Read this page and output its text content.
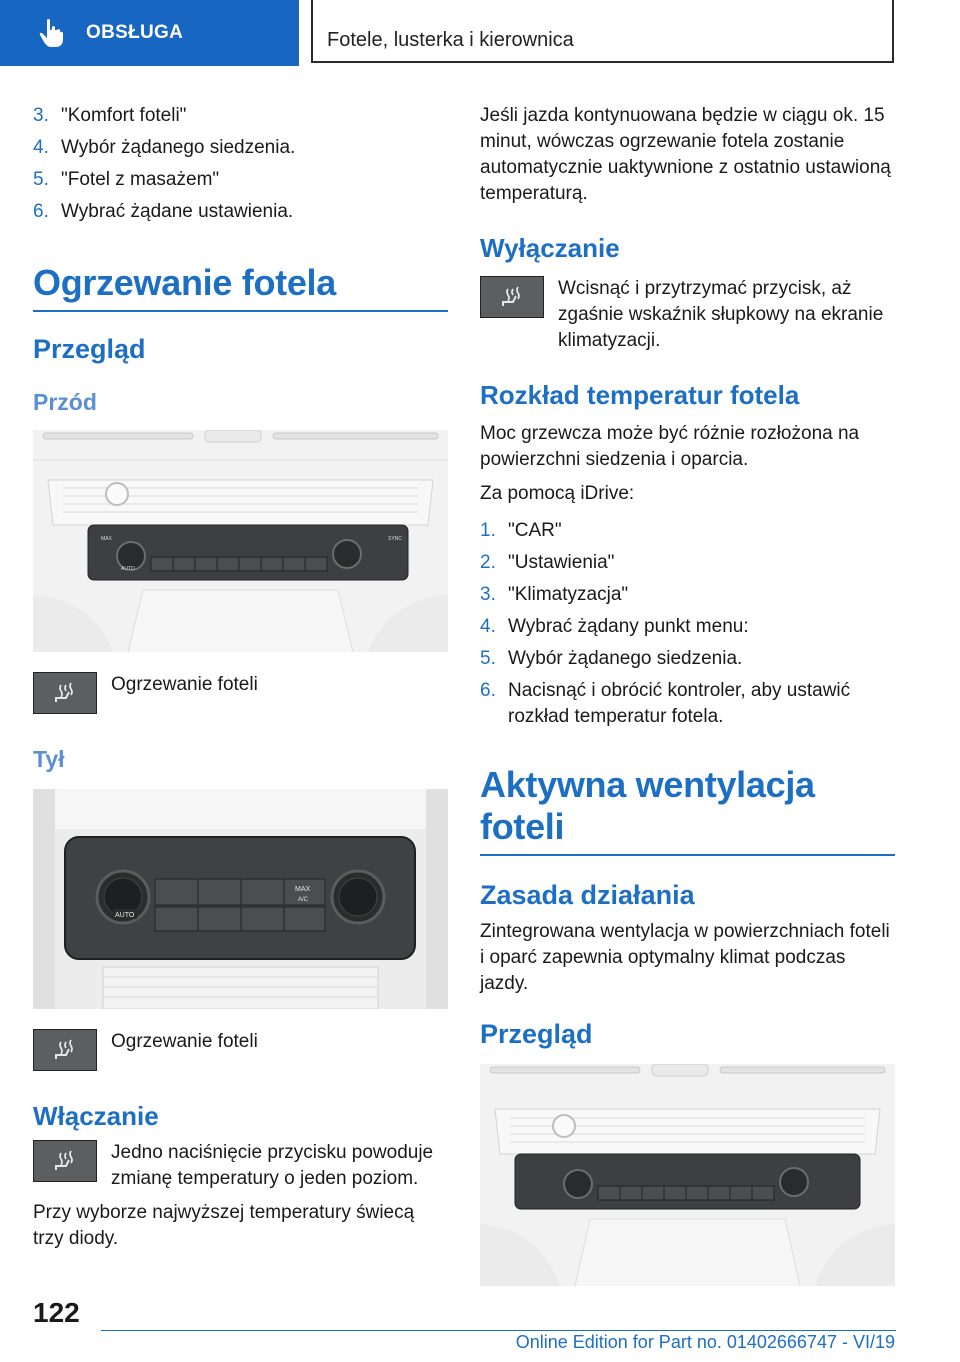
OBSŁUGA	Fotele, lusterka i kierownica
3. "Komfort foteli"
4. Wybór żądanego siedzenia.
5. "Fotel z masażem"
6. Wybrać żądane ustawienia.
Ogrzewanie fotela
Przegląd
Przód
AUTO
MAX	SYNC
Ogrzewanie foteli
Tył
AUTO
MAX
A/C
Ogrzewanie foteli
Włączanie
Jedno naciśnięcie przycisku powoduje zmianę temperatury o jeden poziom.

Przy wyborze najwyższej temperatury świecą trzy diody.

Jeśli jazda kontynuowana będzie w ciągu ok. 15 minut, wówczas ogrzewanie fotela zostanie automatycznie uaktywnione z ostatnio ustawioną temperaturą.

Wyłączanie
Wcisnąć i przytrzymać przycisk, aż zgaśnie wskaźnik słupkowy na ekranie klimatyzacji.
Rozkład temperatur fotela

Moc grzewcza może być różnie rozłożona na powierzchni siedzenia i oparcia.

Za pomocą iDrive:

1. "CAR"
2. "Ustawienia"
3. "Klimatyzacja"
4. Wybrać żądany punkt menu:
5. Wybór żądanego siedzenia.
6. Nacisnąć i obrócić kontroler, aby ustawić rozkład temperatur fotela.
Aktywna wentylacja foteli
Zasada działania

Zintegrowana wentylacja w powierzchniach foteli i oparć zapewnia optymalny klimat podczas jazdy.

Przegląd
122
Online Edition for Part no. 01402666747 - VI/19
